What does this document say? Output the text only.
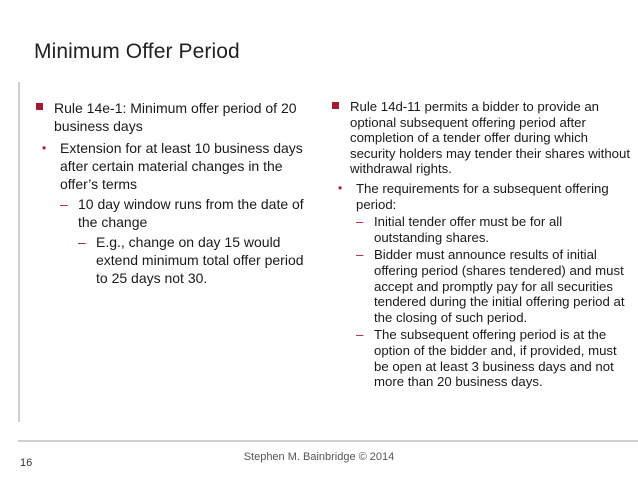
Minimum Offer Period
Rule 14e-1: Minimum offer period of 20 business days
• Extension for at least 10 business days after certain material changes in the offer’s terms
– 10 day window runs from the date of the change
– E.g., change on day 15 would extend minimum total offer period to 25 days not 30.
Rule 14d-11 permits a bidder to provide an optional subsequent offering period after completion of a tender offer during which security holders may tender their shares without withdrawal rights.
• The requirements for a subsequent offering period:
– Initial tender offer must be for all outstanding shares.
– Bidder must announce results of initial offering period (shares tendered) and must accept and promptly pay for all securities tendered during the initial offering period at the closing of such period.
– The subsequent offering period is at the option of the bidder and, if provided, must be open at least 3 business days and not more than 20 business days.
16	Stephen M. Bainbridge © 2014
